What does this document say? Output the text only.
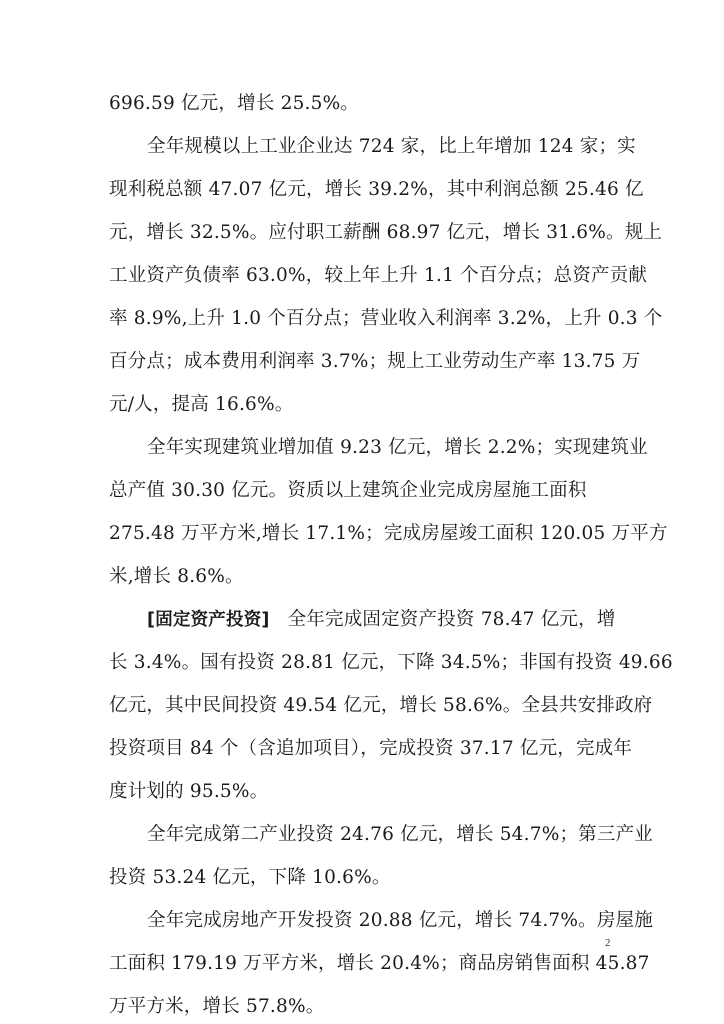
696.59 亿元，增长 25.5%。
全年规模以上工业企业达 724 家，比上年增加 124 家；实
现利税总额 47.07 亿元，增长 39.2%，其中利润总额 25.46 亿
元，增长 32.5%。应付职工薪酬 68.97 亿元，增长 31.6%。规上
工业资产负债率 63.0%，较上年上升 1.1 个百分点；总资产贡献
率 8.9%,上升 1.0 个百分点；营业收入利润率 3.2%，上升 0.3 个
百分点；成本费用利润率 3.7%；规上工业劳动生产率 13.75 万
元/人，提高 16.6%。
全年实现建筑业增加值 9.23 亿元，增长 2.2%；实现建筑业
总产值 30.30 亿元。资质以上建筑企业完成房屋施工面积
275.48 万平方米,增长 17.1%；完成房屋竣工面积 120.05 万平方
米,增长 8.6%。
[固定资产投资] 全年完成固定资产投资 78.47 亿元，增
长 3.4%。国有投资 28.81 亿元，下降 34.5%；非国有投资 49.66
亿元，其中民间投资 49.54 亿元，增长 58.6%。全县共安排政府
投资项目 84 个（含追加项目），完成投资 37.17 亿元，完成年
度计划的 95.5%。
全年完成第二产业投资 24.76 亿元，增长 54.7%；第三产业
投资 53.24 亿元，下降 10.6%。
全年完成房地产开发投资 20.88 亿元，增长 74.7%。房屋施
工面积 179.19 万平方米，增长 20.4%；商品房销售面积 45.87
万平方米，增长 57.8%。
2
